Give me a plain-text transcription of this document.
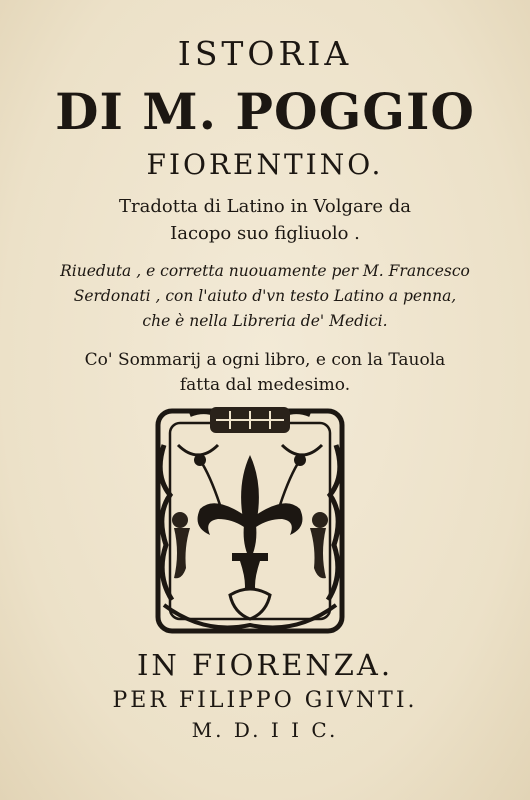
ISTORIA
DI M. POGGIO
FIORENTINO.
Tradotta di Latino in Volgare da
Iacopo suo figliuolo .
Riueduta , e corretta nuouamente per M. Francesco
Serdonati , con l'aiuto d'vn testo Latino a penna,
che è nella Libreria de' Medici.
Co' Sommarij a ogni libro, e con la Tauola
fatta dal medesimo.
IN FIORENZA.
PER FILIPPO GIVNTI.
M. D. I I C.
